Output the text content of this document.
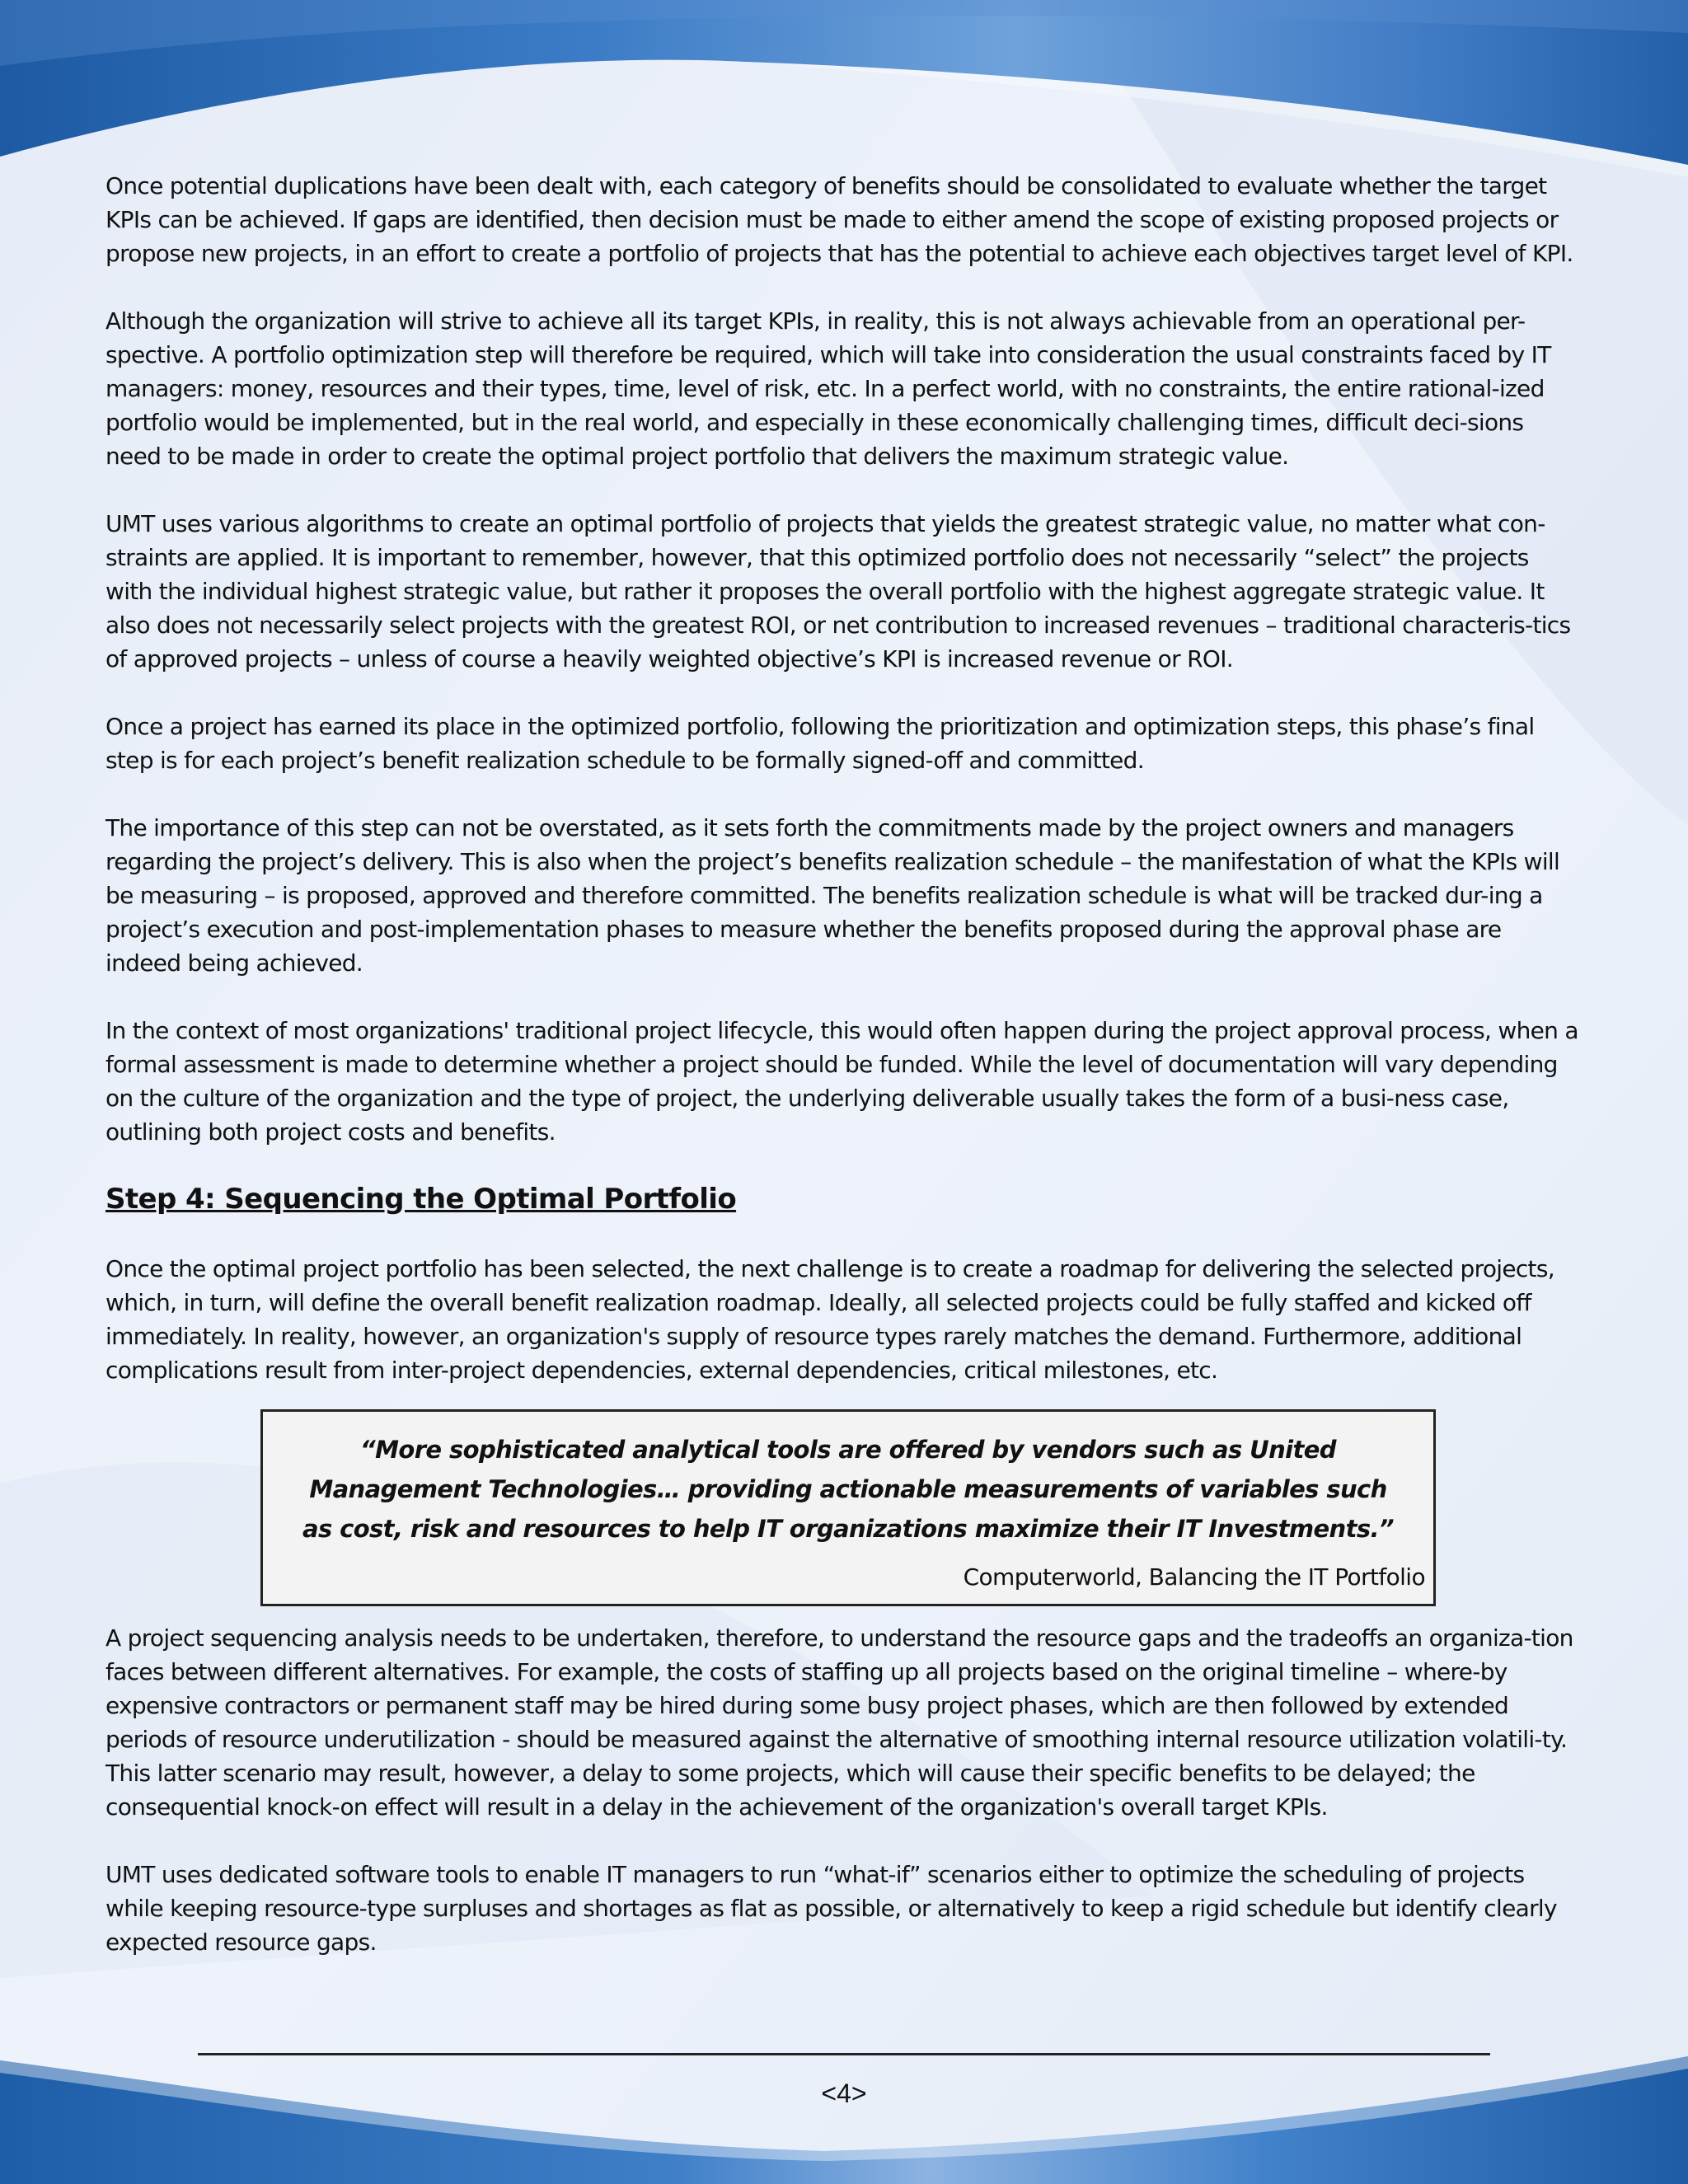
Once potential duplications have been dealt with, each category of benefits should be consolidated to evaluate whether the target KPIs can be achieved. If gaps are identified, then decision must be made to either amend the scope of existing proposed projects or propose new projects, in an effort to create a portfolio of projects that has the potential to achieve each objectives target level of KPI.

Although the organization will strive to achieve all its target KPIs, in reality, this is not always achievable from an operational per-spective. A portfolio optimization step will therefore be required, which will take into consideration the usual constraints faced by IT managers: money, resources and their types, time, level of risk, etc. In a perfect world, with no constraints, the entire rational-ized portfolio would be implemented, but in the real world, and especially in these economically challenging times, difficult deci-sions need to be made in order to create the optimal project portfolio that delivers the maximum strategic value.

UMT uses various algorithms to create an optimal portfolio of projects that yields the greatest strategic value, no matter what con-straints are applied. It is important to remember, however, that this optimized portfolio does not necessarily “select” the projects with the individual highest strategic value, but rather it proposes the overall portfolio with the highest aggregate strategic value. It also does not necessarily select projects with the greatest ROI, or net contribution to increased revenues – traditional characteris-tics of approved projects – unless of course a heavily weighted objective’s KPI is increased revenue or ROI.

Once a project has earned its place in the optimized portfolio, following the prioritization and optimization steps, this phase’s final step is for each project’s benefit realization schedule to be formally signed-off and committed.

The importance of this step can not be overstated, as it sets forth the commitments made by the project owners and managers regarding the project’s delivery. This is also when the project’s benefits realization schedule – the manifestation of what the KPIs will be measuring – is proposed, approved and therefore committed. The benefits realization schedule is what will be tracked dur-ing a project’s execution and post-implementation phases to measure whether the benefits proposed during the approval phase are indeed being achieved.

In the context of most organizations' traditional project lifecycle, this would often happen during the project approval process, when a formal assessment is made to determine whether a project should be funded. While the level of documentation will vary depending on the culture of the organization and the type of project, the underlying deliverable usually takes the form of a busi-ness case, outlining both project costs and benefits.

Step 4: Sequencing the Optimal Portfolio

Once the optimal project portfolio has been selected, the next challenge is to create a roadmap for delivering the selected projects, which, in turn, will define the overall benefit realization roadmap. Ideally, all selected projects could be fully staffed and kicked off immediately. In reality, however, an organization's supply of resource types rarely matches the demand. Furthermore, additional complications result from inter-project dependencies, external dependencies, critical milestones, etc.

“More sophisticated analytical tools are offered by vendors such as United Management Technologies… providing actionable measurements of variables such as cost, risk and resources to help IT organizations maximize their IT Investments.”
Computerworld, Balancing the IT Portfolio

A project sequencing analysis needs to be undertaken, therefore, to understand the resource gaps and the tradeoffs an organiza-tion faces between different alternatives. For example, the costs of staffing up all projects based on the original timeline – where-by expensive contractors or permanent staff may be hired during some busy project phases, which are then followed by extended periods of resource underutilization - should be measured against the alternative of smoothing internal resource utilization volatili-ty. This latter scenario may result, however, a delay to some projects, which will cause their specific benefits to be delayed; the consequential knock-on effect will result in a delay in the achievement of the organization's overall target KPIs.

UMT uses dedicated software tools to enable IT managers to run “what-if” scenarios either to optimize the scheduling of projects while keeping resource-type surpluses and shortages as flat as possible, or alternatively to keep a rigid schedule but identify clearly expected resource gaps.

<4>
